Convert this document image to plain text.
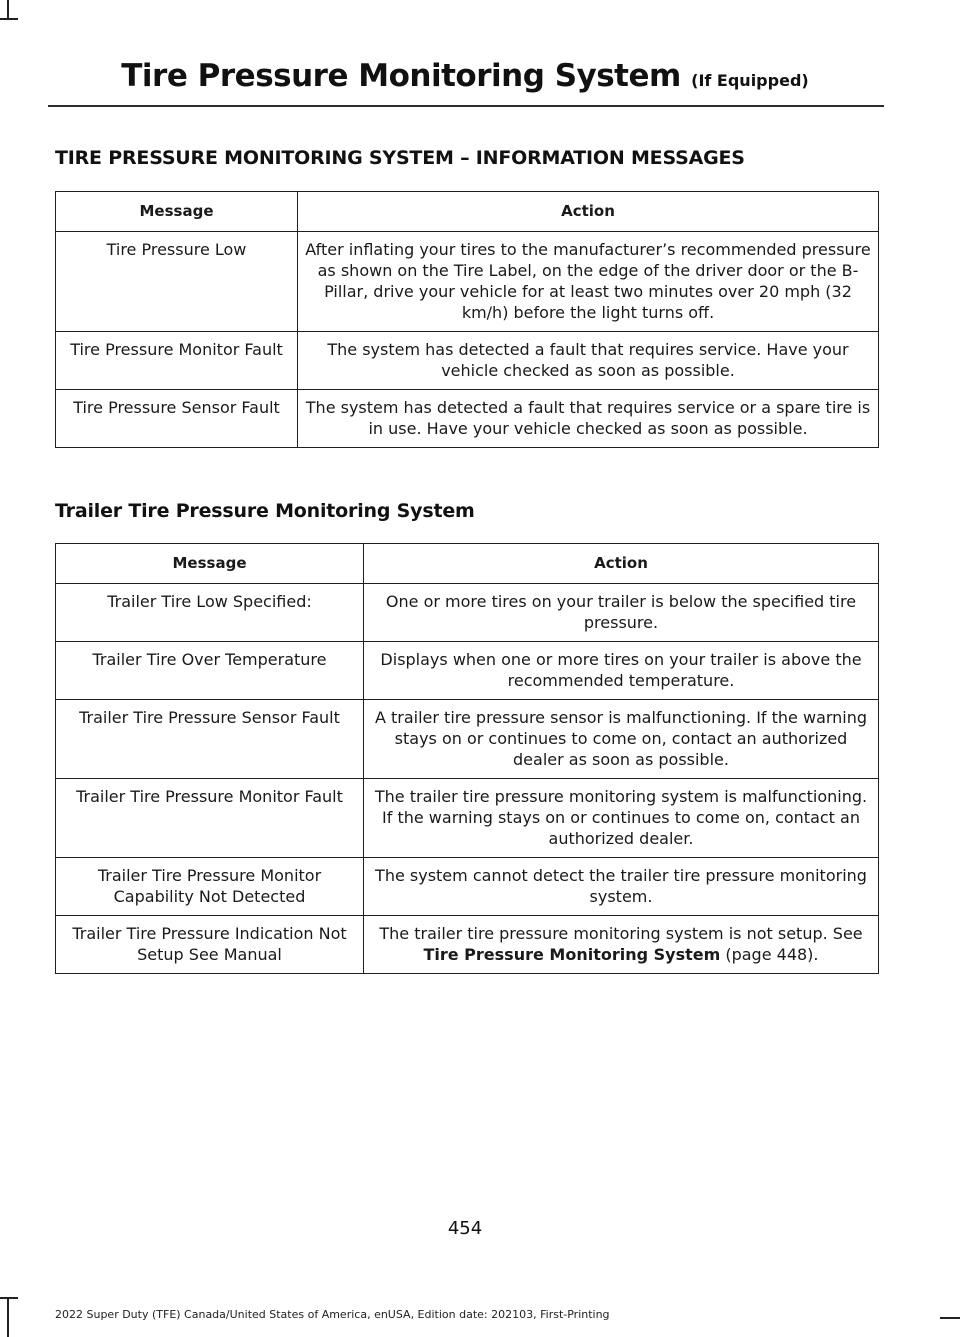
Tire Pressure Monitoring System (If Equipped)
TIRE PRESSURE MONITORING SYSTEM – INFORMATION MESSAGES
Message	Action
Tire Pressure Low	After inflating your tires to the manufacturer’s recommended pressure as shown on the Tire Label, on the edge of the driver door or the B-Pillar, drive your vehicle for at least two minutes over 20 mph (32 km/h) before the light turns off.
Tire Pressure Monitor Fault	The system has detected a fault that requires service. Have your vehicle checked as soon as possible.
Tire Pressure Sensor Fault	The system has detected a fault that requires service or a spare tire is in use. Have your vehicle checked as soon as possible.
Trailer Tire Pressure Monitoring System
Message	Action
Trailer Tire Low Specified:	One or more tires on your trailer is below the specified tire pressure.
Trailer Tire Over Temperature	Displays when one or more tires on your trailer is above the recommended temperature.
Trailer Tire Pressure Sensor Fault	A trailer tire pressure sensor is malfunctioning. If the warning stays on or continues to come on, contact an authorized dealer as soon as possible.
Trailer Tire Pressure Monitor Fault	The trailer tire pressure monitoring system is malfunctioning. If the warning stays on or continues to come on, contact an authorized dealer.
Trailer Tire Pressure Monitor Capability Not Detected	The system cannot detect the trailer tire pressure monitoring system.
Trailer Tire Pressure Indication Not Setup See Manual	The trailer tire pressure monitoring system is not setup. See Tire Pressure Monitoring System (page 448).
454
2022 Super Duty (TFE) Canada/United States of America, enUSA, Edition date: 202103, First-Printing
